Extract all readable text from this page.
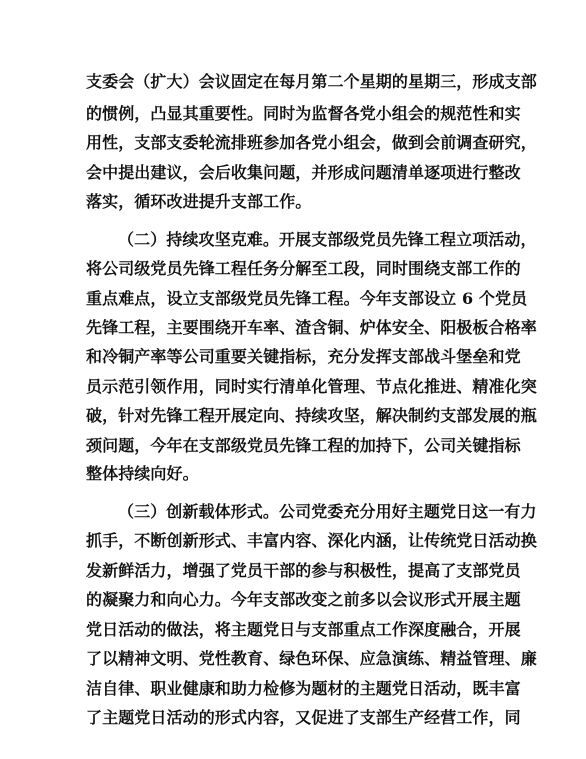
支委会（扩大）会议固定在每月第二个星期的星期三，形成支部
的惯例，凸显其重要性。同时为监督各党小组会的规范性和实
用性，支部支委轮流排班参加各党小组会，做到会前调查研究，
会中提出建议，会后收集问题，并形成问题清单逐项进行整改
落实，循环改进提升支部工作。
（二）持续攻坚克难。开展支部级党员先锋工程立项活动，
将公司级党员先锋工程任务分解至工段，同时围绕支部工作的
重点难点，设立支部级党员先锋工程。今年支部设立 6 个党员
先锋工程，主要围绕开车率、渣含铜、炉体安全、阳极板合格率
和冷铜产率等公司重要关键指标，充分发挥支部战斗堡垒和党
员示范引领作用，同时实行清单化管理、节点化推进、精准化突
破，针对先锋工程开展定向、持续攻坚，解决制约支部发展的瓶
颈问题，今年在支部级党员先锋工程的加持下，公司关键指标
整体持续向好。
（三）创新载体形式。公司党委充分用好主题党日这一有力
抓手，不断创新形式、丰富内容、深化内涵，让传统党日活动换
发新鲜活力，增强了党员干部的参与积极性，提高了支部党员
的凝聚力和向心力。今年支部改变之前多以会议形式开展主题
党日活动的做法，将主题党日与支部重点工作深度融合，开展
了以精神文明、党性教育、绿色环保、应急演练、精益管理、廉
洁自律、职业健康和助力检修为题材的主题党日活动，既丰富
了主题党日活动的形式内容，又促进了支部生产经营工作，同
